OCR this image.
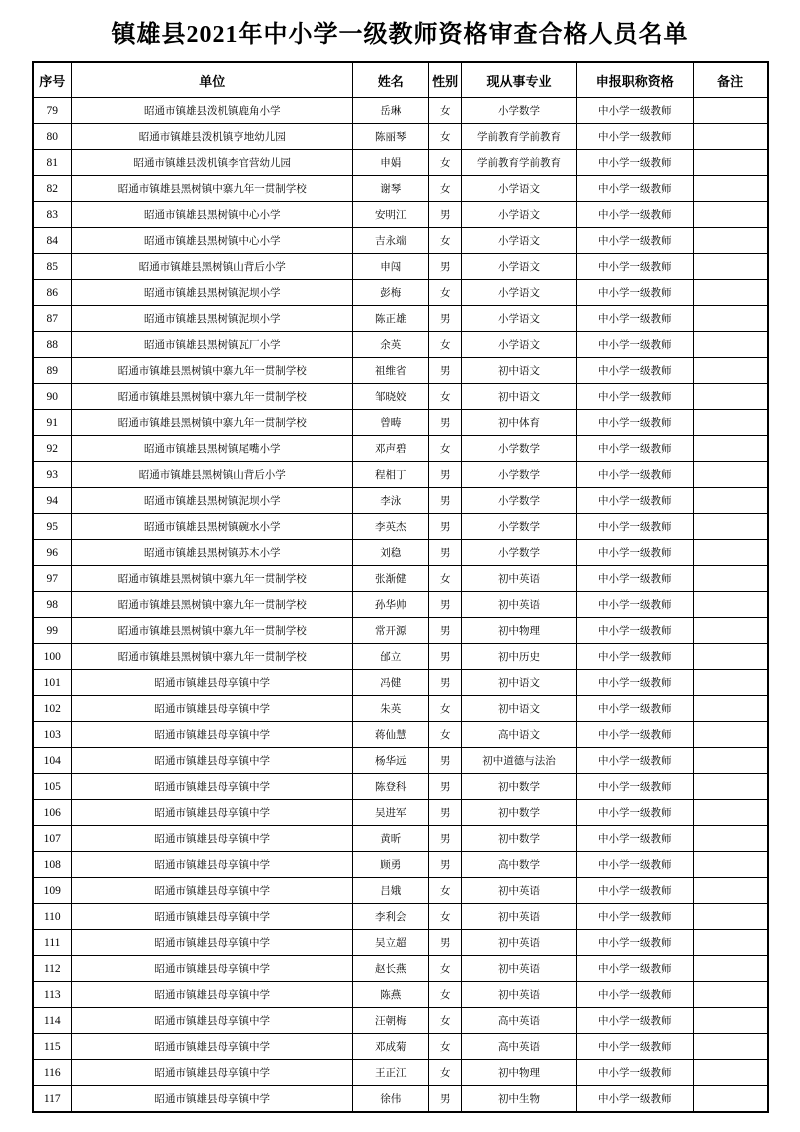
镇雄县2021年中小学一级教师资格审查合格人员名单
序号	单位	姓名	性别	现从事专业	申报职称资格	备注
79	昭通市镇雄县泼机镇鹿角小学	岳琳	女	小学数学	中小学一级教师	
80	昭通市镇雄县泼机镇亨地幼儿园	陈丽琴	女	学前教育学前教育	中小学一级教师	
81	昭通市镇雄县泼机镇李官营幼儿园	申娟	女	学前教育学前教育	中小学一级教师	
82	昭通市镇雄县黑树镇中寨九年一贯制学校	谢琴	女	小学语文	中小学一级教师	
83	昭通市镇雄县黑树镇中心小学	安明江	男	小学语文	中小学一级教师	
84	昭通市镇雄县黑树镇中心小学	吉永端	女	小学语文	中小学一级教师	
85	昭通市镇雄县黑树镇山背后小学	申闯	男	小学语文	中小学一级教师	
86	昭通市镇雄县黑树镇泥坝小学	彭梅	女	小学语文	中小学一级教师	
87	昭通市镇雄县黑树镇泥坝小学	陈正雄	男	小学语文	中小学一级教师	
88	昭通市镇雄县黑树镇瓦厂小学	余英	女	小学语文	中小学一级教师	
89	昭通市镇雄县黑树镇中寨九年一贯制学校	祖维省	男	初中语文	中小学一级教师	
90	昭通市镇雄县黑树镇中寨九年一贯制学校	邹晓姣	女	初中语文	中小学一级教师	
91	昭通市镇雄县黑树镇中寨九年一贯制学校	曾畴	男	初中体育	中小学一级教师	
92	昭通市镇雄县黑树镇尾嘴小学	邓声碧	女	小学数学	中小学一级教师	
93	昭通市镇雄县黑树镇山背后小学	程相丁	男	小学数学	中小学一级教师	
94	昭通市镇雄县黑树镇泥坝小学	李泳	男	小学数学	中小学一级教师	
95	昭通市镇雄县黑树镇碗水小学	李英杰	男	小学数学	中小学一级教师	
96	昭通市镇雄县黑树镇苏木小学	刘稳	男	小学数学	中小学一级教师	
97	昭通市镇雄县黑树镇中寨九年一贯制学校	张渐健	女	初中英语	中小学一级教师	
98	昭通市镇雄县黑树镇中寨九年一贯制学校	孙华帅	男	初中英语	中小学一级教师	
99	昭通市镇雄县黑树镇中寨九年一贯制学校	常开源	男	初中物理	中小学一级教师	
100	昭通市镇雄县黑树镇中寨九年一贯制学校	邰立	男	初中历史	中小学一级教师	
101	昭通市镇雄县母享镇中学	冯健	男	初中语文	中小学一级教师	
102	昭通市镇雄县母享镇中学	朱英	女	初中语文	中小学一级教师	
103	昭通市镇雄县母享镇中学	蒋仙慧	女	高中语文	中小学一级教师	
104	昭通市镇雄县母享镇中学	杨华远	男	初中道德与法治	中小学一级教师	
105	昭通市镇雄县母享镇中学	陈登科	男	初中数学	中小学一级教师	
106	昭通市镇雄县母享镇中学	吴进军	男	初中数学	中小学一级教师	
107	昭通市镇雄县母享镇中学	黄昕	男	初中数学	中小学一级教师	
108	昭通市镇雄县母享镇中学	顾勇	男	高中数学	中小学一级教师	
109	昭通市镇雄县母享镇中学	吕娥	女	初中英语	中小学一级教师	
110	昭通市镇雄县母享镇中学	李利会	女	初中英语	中小学一级教师	
111	昭通市镇雄县母享镇中学	吴立超	男	初中英语	中小学一级教师	
112	昭通市镇雄县母享镇中学	赵长燕	女	初中英语	中小学一级教师	
113	昭通市镇雄县母享镇中学	陈燕	女	初中英语	中小学一级教师	
114	昭通市镇雄县母享镇中学	汪朝梅	女	高中英语	中小学一级教师	
115	昭通市镇雄县母享镇中学	邓成菊	女	高中英语	中小学一级教师	
116	昭通市镇雄县母享镇中学	王正江	女	初中物理	中小学一级教师	
117	昭通市镇雄县母享镇中学	徐伟	男	初中生物	中小学一级教师	
